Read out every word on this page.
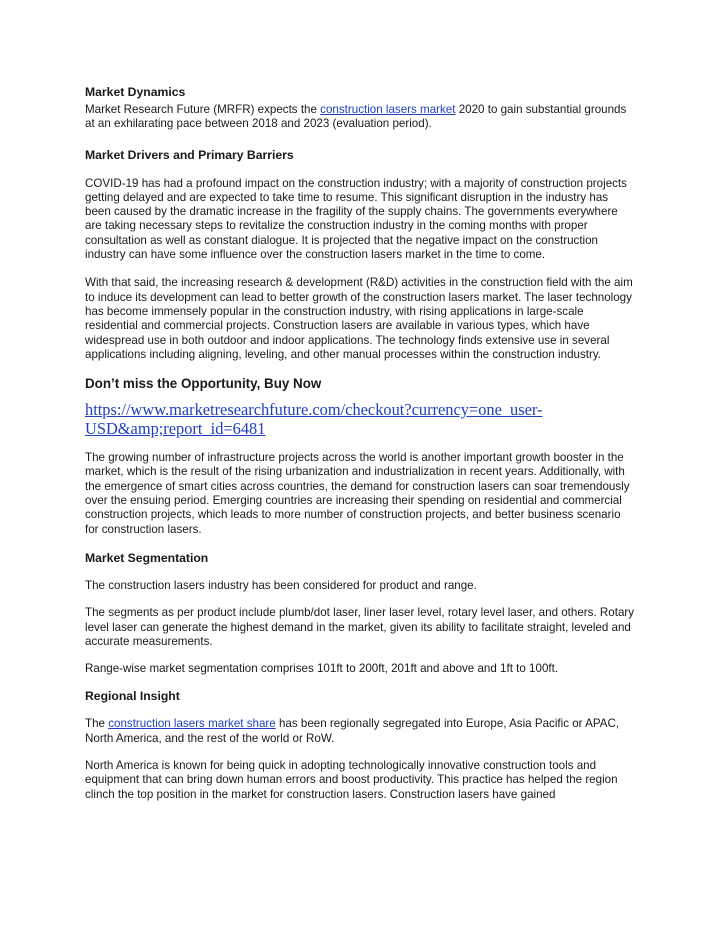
Market Dynamics

Market Research Future (MRFR) expects the construction lasers market 2020 to gain substantial grounds at an exhilarating pace between 2018 and 2023 (evaluation period).

Market Drivers and Primary Barriers

COVID-19 has had a profound impact on the construction industry; with a majority of construction projects getting delayed and are expected to take time to resume. This significant disruption in the industry has been caused by the dramatic increase in the fragility of the supply chains. The governments everywhere are taking necessary steps to revitalize the construction industry in the coming months with proper consultation as well as constant dialogue. It is projected that the negative impact on the construction industry can have some influence over the construction lasers market in the time to come.

With that said, the increasing research & development (R&D) activities in the construction field with the aim to induce its development can lead to better growth of the construction lasers market. The laser technology has become immensely popular in the construction industry, with rising applications in large-scale residential and commercial projects. Construction lasers are available in various types, which have widespread use in both outdoor and indoor applications. The technology finds extensive use in several applications including aligning, leveling, and other manual processes within the construction industry.

Don’t miss the Opportunity, Buy Now

https://www.marketresearchfuture.com/checkout?currency=one_user-USD&amp;report_id=6481

The growing number of infrastructure projects across the world is another important growth booster in the market, which is the result of the rising urbanization and industrialization in recent years. Additionally, with the emergence of smart cities across countries, the demand for construction lasers can soar tremendously over the ensuing period. Emerging countries are increasing their spending on residential and commercial construction projects, which leads to more number of construction projects, and better business scenario for construction lasers.

Market Segmentation

The construction lasers industry has been considered for product and range.

The segments as per product include plumb/dot laser, liner laser level, rotary level laser, and others. Rotary level laser can generate the highest demand in the market, given its ability to facilitate straight, leveled and accurate measurements.

Range-wise market segmentation comprises 101ft to 200ft, 201ft and above and 1ft to 100ft.

Regional Insight

The construction lasers market share has been regionally segregated into Europe, Asia Pacific or APAC, North America, and the rest of the world or RoW.

North America is known for being quick in adopting technologically innovative construction tools and equipment that can bring down human errors and boost productivity. This practice has helped the region clinch the top position in the market for construction lasers. Construction lasers have gained
